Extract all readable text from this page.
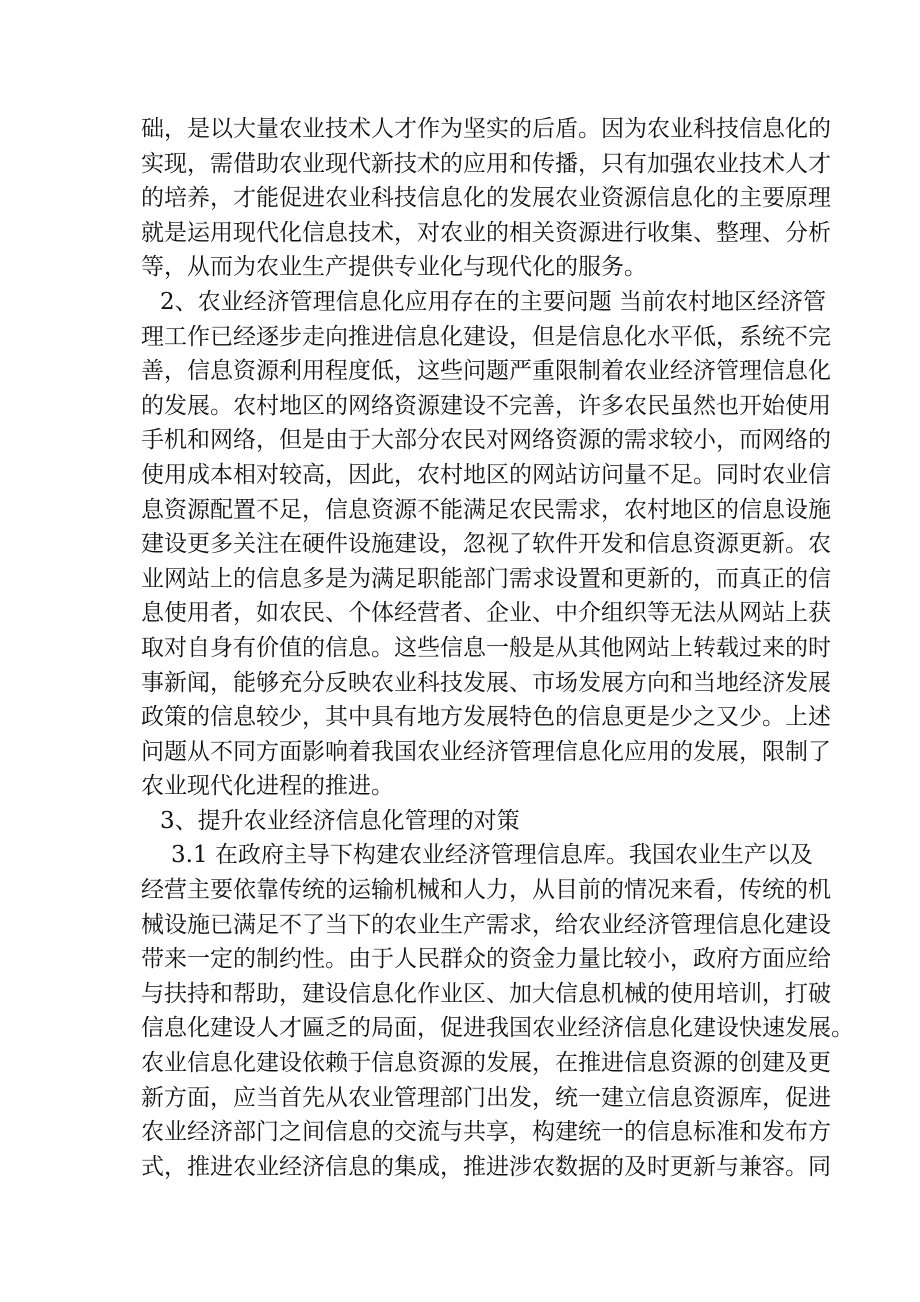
础，是以大量农业技术人才作为坚实的后盾。因为农业科技信息化的
实现，需借助农业现代新技术的应用和传播，只有加强农业技术人才
的培养，才能促进农业科技信息化的发展农业资源信息化的主要原理
就是运用现代化信息技术，对农业的相关资源进行收集、整理、分析
等，从而为农业生产提供专业化与现代化的服务。
2、农业经济管理信息化应用存在的主要问题 当前农村地区经济管
理工作已经逐步走向推进信息化建设，但是信息化水平低，系统不完
善，信息资源利用程度低，这些问题严重限制着农业经济管理信息化
的发展。农村地区的网络资源建设不完善，许多农民虽然也开始使用
手机和网络，但是由于大部分农民对网络资源的需求较小，而网络的
使用成本相对较高，因此，农村地区的网站访问量不足。同时农业信
息资源配置不足，信息资源不能满足农民需求，农村地区的信息设施
建设更多关注在硬件设施建设，忽视了软件开发和信息资源更新。农
业网站上的信息多是为满足职能部门需求设置和更新的，而真正的信
息使用者，如农民、个体经营者、企业、中介组织等无法从网站上获
取对自身有价值的信息。这些信息一般是从其他网站上转载过来的时
事新闻，能够充分反映农业科技发展、市场发展方向和当地经济发展
政策的信息较少，其中具有地方发展特色的信息更是少之又少。上述
问题从不同方面影响着我国农业经济管理信息化应用的发展，限制了
农业现代化进程的推进。
3、提升农业经济信息化管理的对策
3.1 在政府主导下构建农业经济管理信息库。我国农业生产以及
经营主要依靠传统的运输机械和人力，从目前的情况来看，传统的机
械设施已满足不了当下的农业生产需求，给农业经济管理信息化建设
带来一定的制约性。由于人民群众的资金力量比较小，政府方面应给
与扶持和帮助，建设信息化作业区、加大信息机械的使用培训，打破
信息化建设人才匾乏的局面，促进我国农业经济信息化建设快速发展。
农业信息化建设依赖于信息资源的发展，在推进信息资源的创建及更
新方面，应当首先从农业管理部门出发，统一建立信息资源库，促进
农业经济部门之间信息的交流与共享，构建统一的信息标准和发布方
式，推进农业经济信息的集成，推进涉农数据的及时更新与兼容。同
